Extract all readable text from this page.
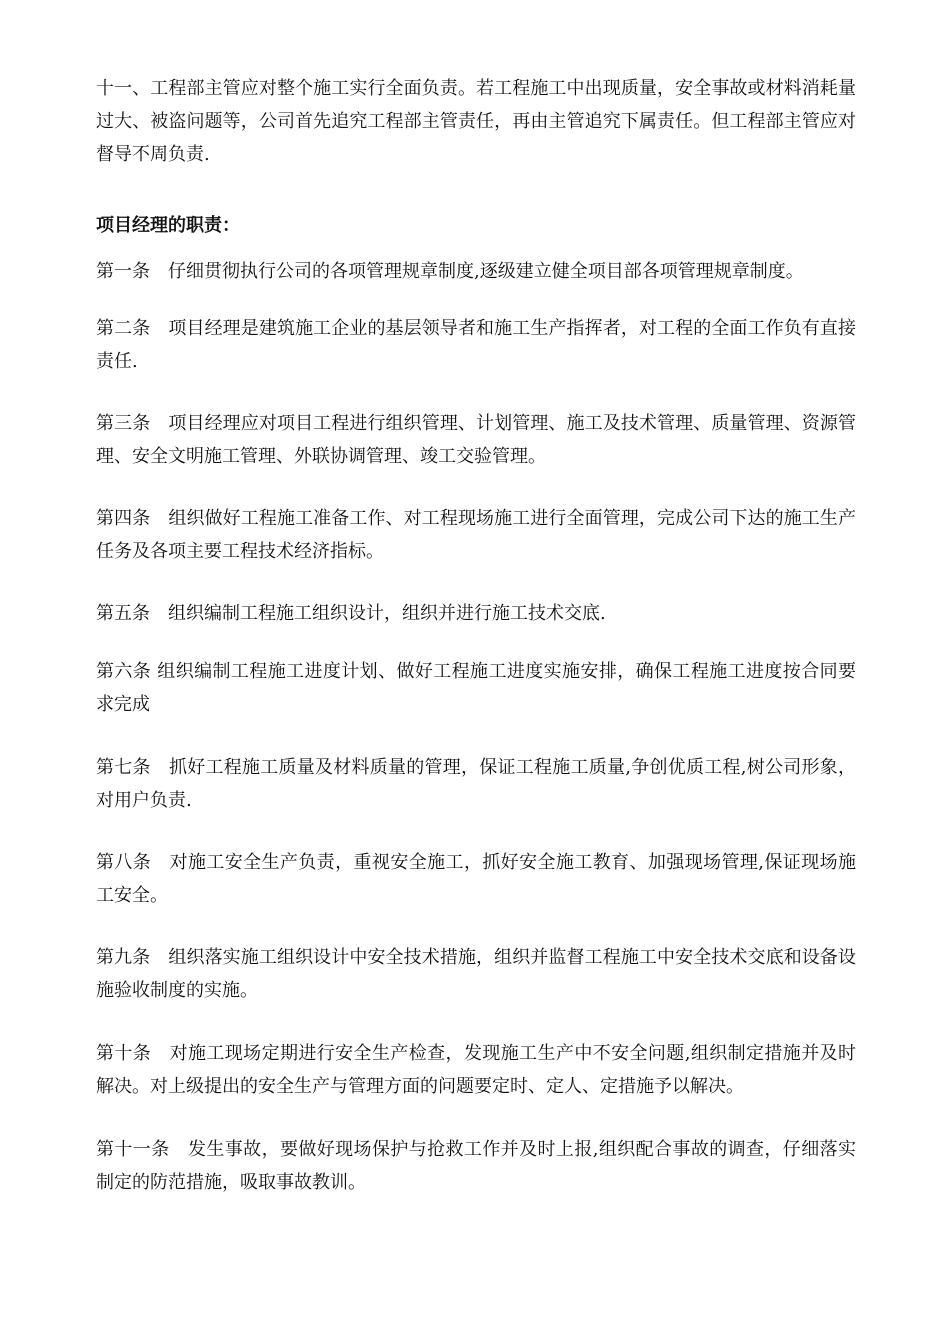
十一、工程部主管应对整个施工实行全面负责。若工程施工中出现质量，安全事故或材料消耗量过大、被盗问题等，公司首先追究工程部主管责任，再由主管追究下属责任。但工程部主管应对督导不周负责.

项目经理的职责：

第一条　仔细贯彻执行公司的各项管理规章制度,逐级建立健全项目部各项管理规章制度。

第二条　项目经理是建筑施工企业的基层领导者和施工生产指挥者，对工程的全面工作负有直接责任.

第三条　项目经理应对项目工程进行组织管理、计划管理、施工及技术管理、质量管理、资源管理、安全文明施工管理、外联协调管理、竣工交验管理。

第四条　组织做好工程施工准备工作、对工程现场施工进行全面管理，完成公司下达的施工生产任务及各项主要工程技术经济指标。

第五条　组织编制工程施工组织设计，组织并进行施工技术交底.

第六条 组织编制工程施工进度计划、做好工程施工进度实施安排，确保工程施工进度按合同要求完成

第七条　抓好工程施工质量及材料质量的管理，保证工程施工质量,争创优质工程,树公司形象，对用户负责.

第八条　对施工安全生产负责，重视安全施工，抓好安全施工教育、加强现场管理,保证现场施工安全。

第九条　组织落实施工组织设计中安全技术措施，组织并监督工程施工中安全技术交底和设备设施验收制度的实施。

第十条　对施工现场定期进行安全生产检查，发现施工生产中不安全问题,组织制定措施并及时解决。对上级提出的安全生产与管理方面的问题要定时、定人、定措施予以解决。

第十一条　发生事故，要做好现场保护与抢救工作并及时上报,组织配合事故的调查，仔细落实制定的防范措施，吸取事故教训。
